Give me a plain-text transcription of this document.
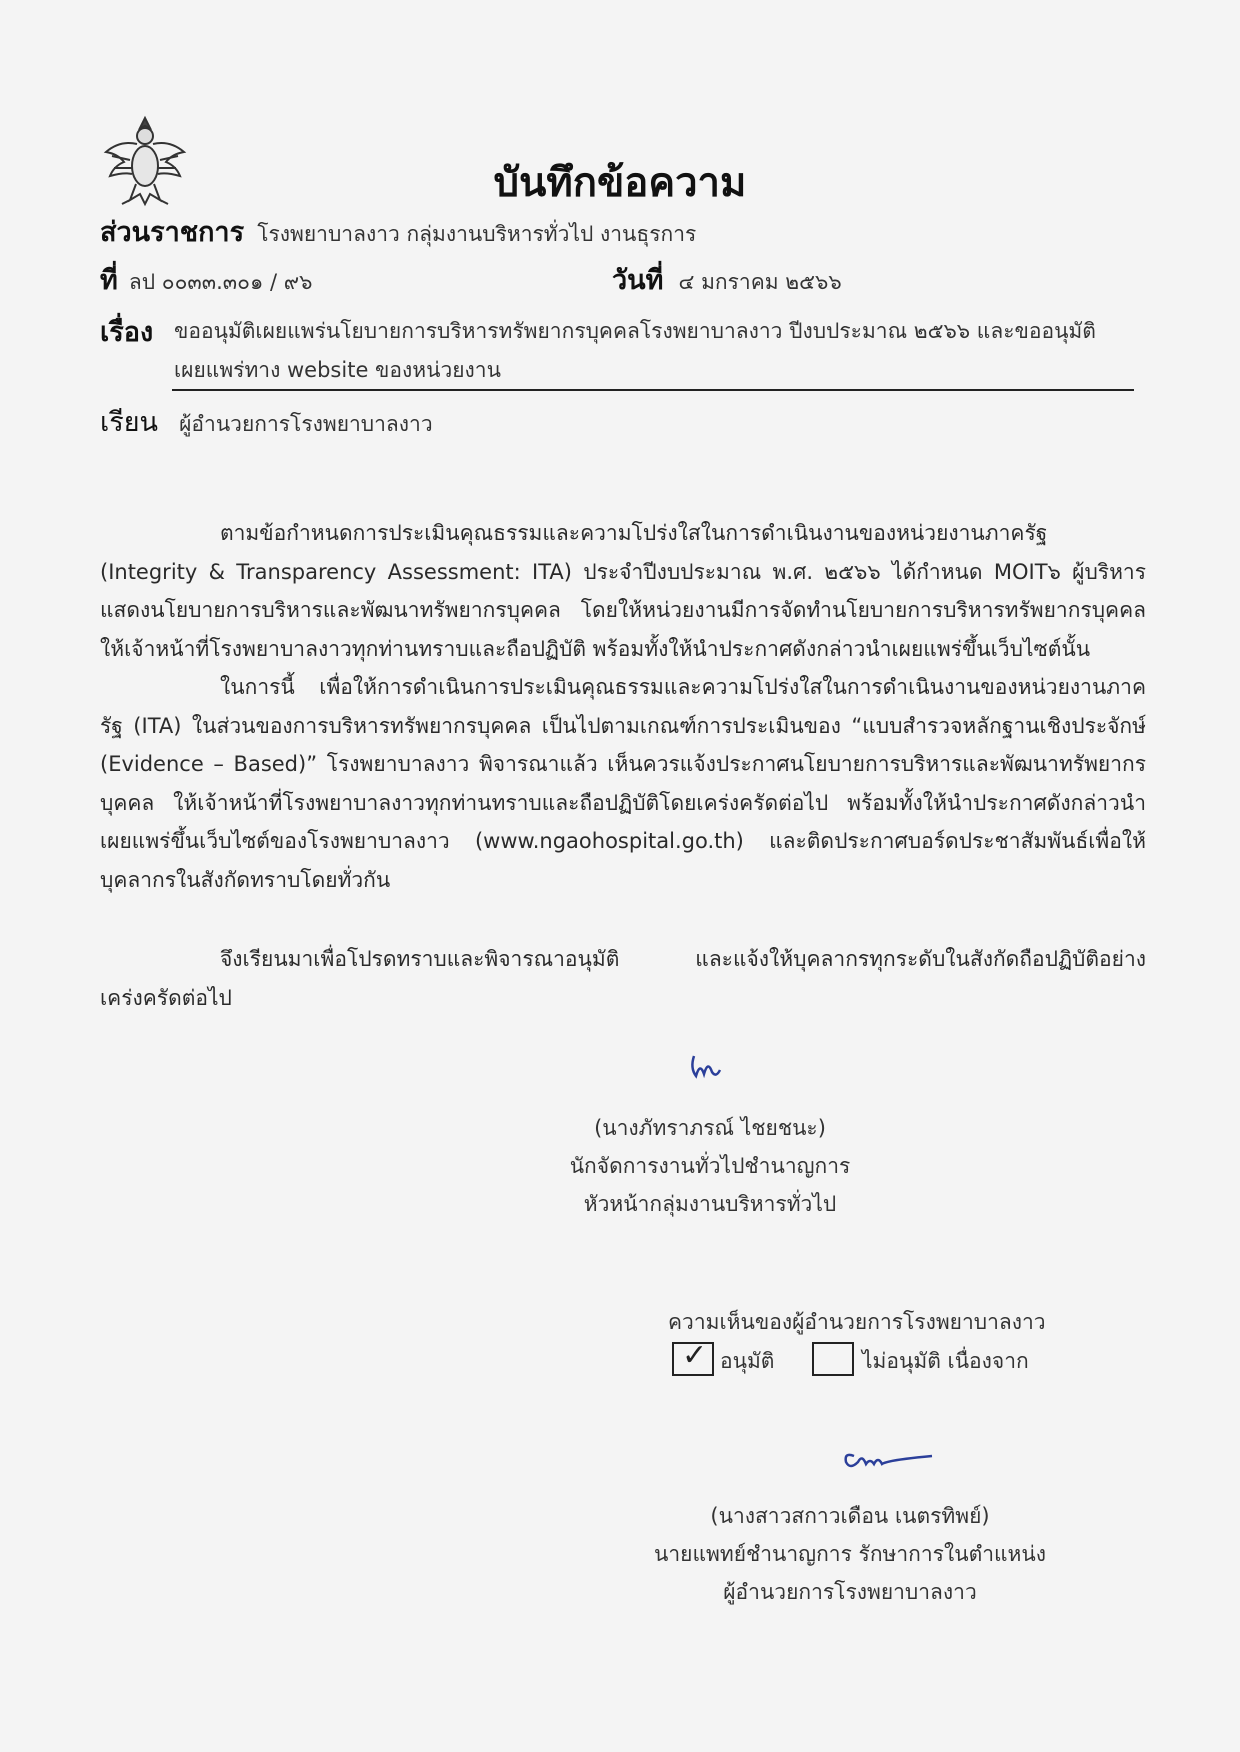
บันทึกข้อความ
ส่วนราชการ โรงพยาบาลงาว กลุ่มงานบริหารทั่วไป งานธุรการ
ที่ ลป ๐๐๓๓.๓๐๑ / ๙๖	วันที่ ๔ มกราคม ๒๕๖๖
เรื่อง ขออนุมัติเผยแพร่นโยบายการบริหารทรัพยากรบุคคลโรงพยาบาลงาว ปีงบประมาณ ๒๕๖๖ และขออนุมัติ
เผยแพร่ทาง website ของหน่วยงาน
เรียน ผู้อำนวยการโรงพยาบาลงาว

ตามข้อกำหนดการประเมินคุณธรรมและความโปร่งใสในการดำเนินงานของหน่วยงานภาครัฐ (Integrity & Transparency Assessment: ITA) ประจำปีงบประมาณ พ.ศ. ๒๕๖๖ ได้กำหนด MOIT๖ ผู้บริหารแสดงนโยบายการบริหารและพัฒนาทรัพยากรบุคคล โดยให้หน่วยงานมีการจัดทำนโยบายการบริหารทรัพยากรบุคคล ให้เจ้าหน้าที่โรงพยาบาลงาวทุกท่านทราบและถือปฏิบัติ พร้อมทั้งให้นำประกาศดังกล่าวนำเผยแพร่ขึ้นเว็บไซต์นั้น

ในการนี้ เพื่อให้การดำเนินการประเมินคุณธรรมและความโปร่งใสในการดำเนินงานของหน่วยงานภาครัฐ (ITA) ในส่วนของการบริหารทรัพยากรบุคคล เป็นไปตามเกณฑ์การประเมินของ “แบบสำรวจหลักฐานเชิงประจักษ์ (Evidence – Based)” โรงพยาบาลงาว พิจารณาแล้ว เห็นควรแจ้งประกาศนโยบายการบริหารและพัฒนาทรัพยากรบุคคล ให้เจ้าหน้าที่โรงพยาบาลงาวทุกท่านทราบและถือปฏิบัติโดยเคร่งครัดต่อไป พร้อมทั้งให้นำประกาศดังกล่าวนำเผยแพร่ขึ้นเว็บไซต์ของโรงพยาบาลงาว (www.ngaohospital.go.th) และติดประกาศบอร์ดประชาสัมพันธ์เพื่อให้บุคลากรในสังกัดทราบโดยทั่วกัน

จึงเรียนมาเพื่อโปรดทราบและพิจารณาอนุมัติ และแจ้งให้บุคลากรทุกระดับในสังกัดถือปฏิบัติอย่างเคร่งครัดต่อไป

(นางภัทราภรณ์ ไชยชนะ)
นักจัดการงานทั่วไปชำนาญการ
หัวหน้ากลุ่มงานบริหารทั่วไป
ความเห็นของผู้อำนวยการโรงพยาบาลงาว
✓ อนุมัติ	ไม่อนุมัติ เนื่องจาก
(นางสาวสกาวเดือน เนตรทิพย์)
นายแพทย์ชำนาญการ รักษาการในตำแหน่ง
ผู้อำนวยการโรงพยาบาลงาว
